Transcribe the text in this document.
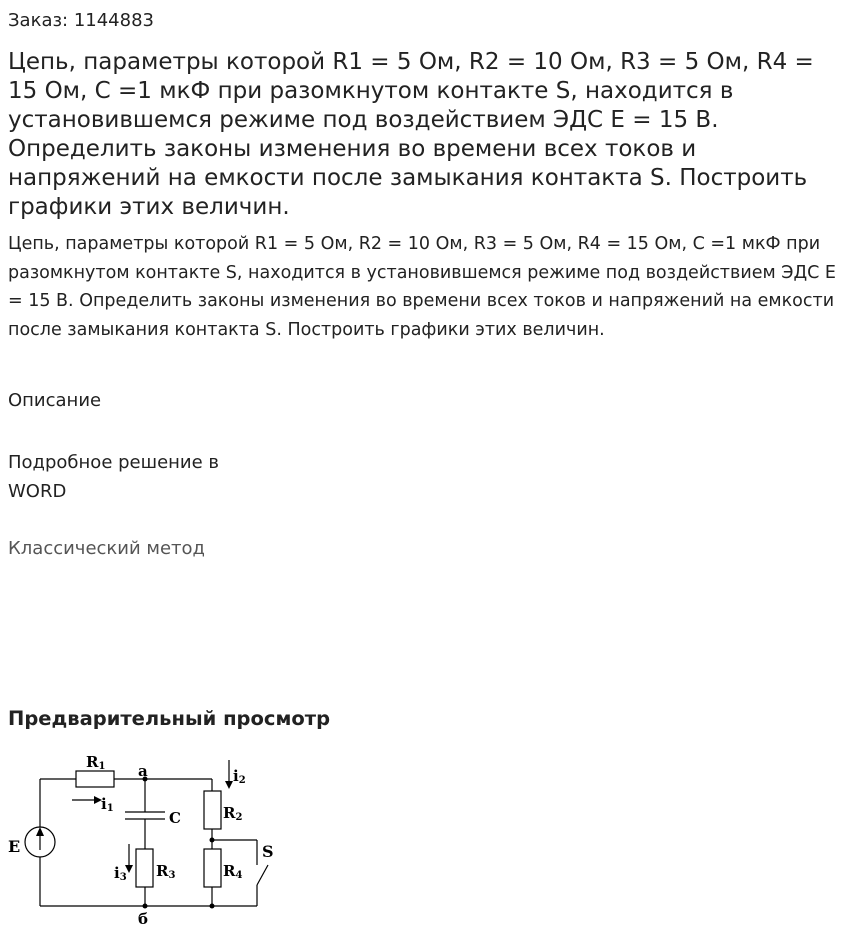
Заказ: 1144883
Цепь, параметры которой R1 = 5 Ом, R2 = 10 Ом, R3 = 5 Ом, R4 = 15 Ом, С =1 мкФ при разомкнутом контакте S, находится в установившемся режиме под воздействием ЭДС E = 15 В. Определить законы изменения во времени всех токов и напряжений на емкости после замыкания контакта S. Построить графики этих величин.
Цепь, параметры которой R1 = 5 Ом, R2 = 10 Ом, R3 = 5 Ом, R4 = 15 Ом, С =1 мкФ при разомкнутом контакте S, находится в установившемся режиме под воздействием ЭДС E = 15 В. Определить законы изменения во времени всех токов и напряжений на емкости после замыкания контакта S. Построить графики этих величин.
Описание
Подробное решение в
WORD
Классический метод
Предварительный просмотр
E
R1 a	i2
i1
C	R2
S
i3 R3	R4
б
